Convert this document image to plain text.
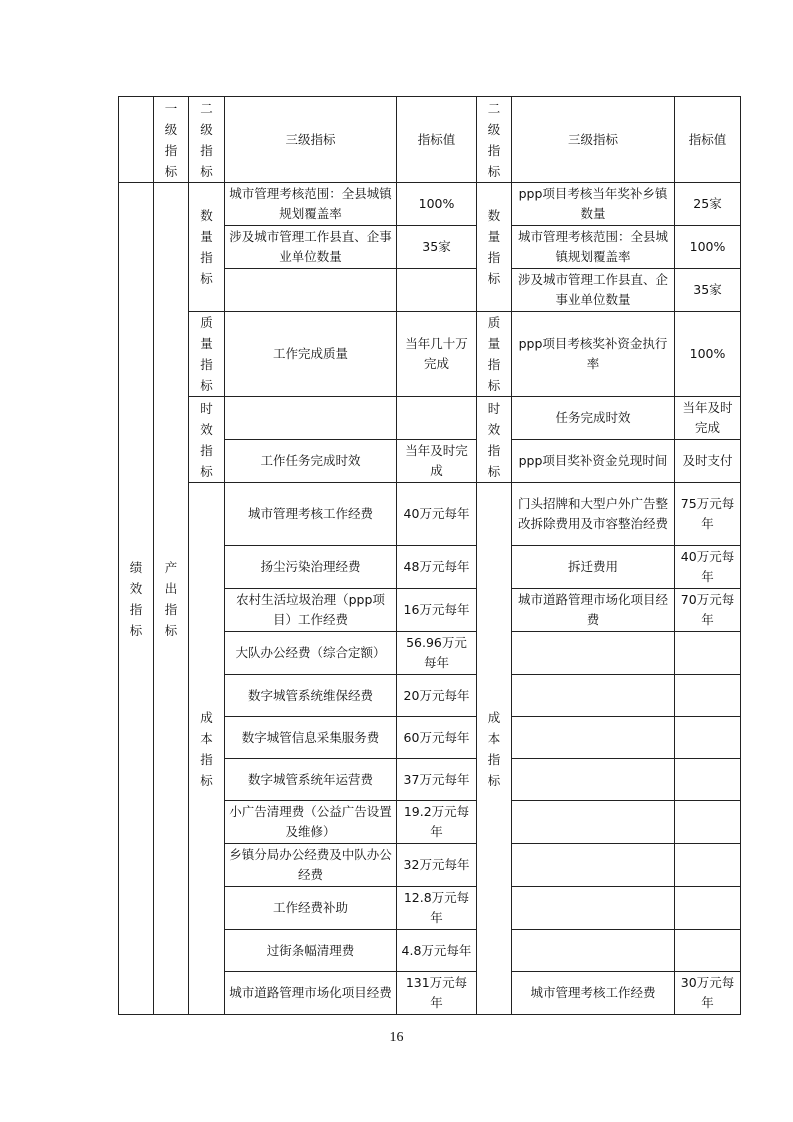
	一级指标	二级指标	三级指标	指标值	二级指标	三级指标	指标值
绩效指标	产出指标	数量指标	城市管理考核范围：全县城镇规划覆盖率	100%	数量指标	ppp项目考核当年奖补乡镇数量	25家
			涉及城市管理工作县直、企事业单位数量	35家		城市管理考核范围：全县城镇规划覆盖率	100%
						涉及城市管理工作县直、企事业单位数量	35家
		质量指标	工作完成质量	当年几十万完成	质量指标	ppp项目考核奖补资金执行率	100%
		时效指标			时效指标	任务完成时效	当年及时完成
			工作任务完成时效	当年及时完成		ppp项目奖补资金兑现时间	及时支付
		成本指标	城市管理考核工作经费	40万元每年	成本指标	门头招牌和大型户外广告整改拆除费用及市容整治经费	75万元每年
			扬尘污染治理经费	48万元每年		拆迁费用	40万元每年
			农村生活垃圾治理（ppp项目）工作经费	16万元每年		城市道路管理市场化项目经费	70万元每年
			大队办公经费（综合定额）	56.96万元每年			
			数字城管系统维保经费	20万元每年			
			数字城管信息采集服务费	60万元每年			
			数字城管系统年运营费	37万元每年			
			小广告清理费（公益广告设置及维修）	19.2万元每年			
			乡镇分局办公经费及中队办公经费	32万元每年			
			工作经费补助	12.8万元每年			
			过街条幅清理费	4.8万元每年			
			城市道路管理市场化项目经费	131万元每年		城市管理考核工作经费	30万元每年
16
